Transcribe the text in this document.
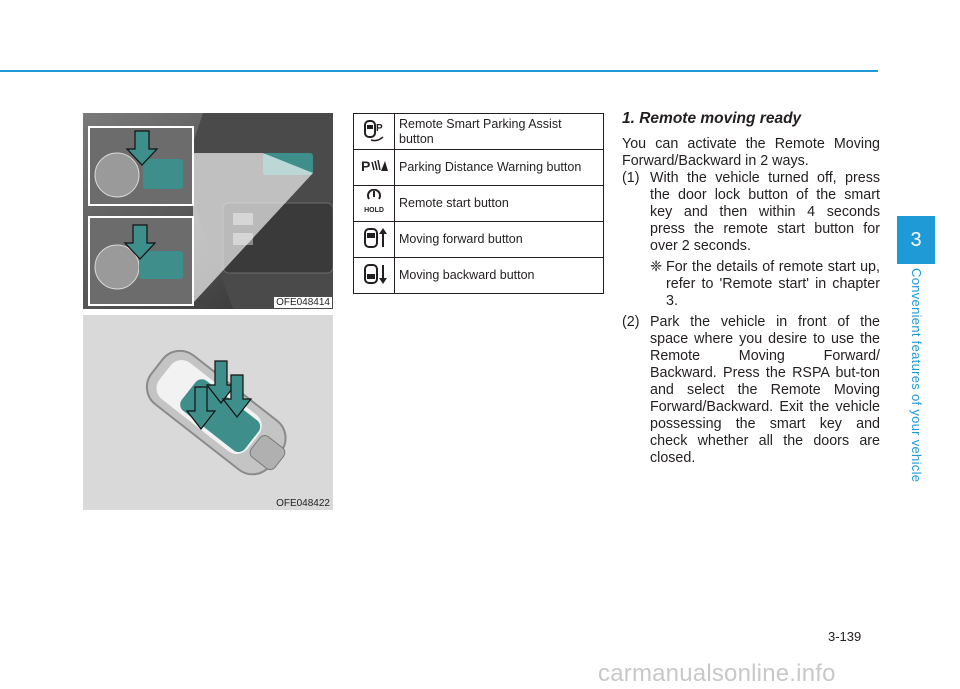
OFE048414
OFE048422
P	Remote Smart Parking Assist button

P	Parking Distance Warning button

HOLD	Remote start button
	Moving forward button
	Moving backward button
1. Remote moving ready
You can activate the Remote Moving Forward/Backward in 2 ways.
(1) With the vehicle turned off, press the door lock button of the smart key and then within 4 seconds press the remote start button for over 2 seconds.
❈ For the details of remote start up, refer to 'Remote start' in chapter 3.
(2) Park the vehicle in front of the space where you desire to use the Remote Moving Forward/ Backward. Press the RSPA but-ton and select the Remote Moving Forward/Backward. Exit the vehicle possessing the smart key and check whether all the doors are closed.
3
Convenient features of your vehicle
3-139
carmanualsonline.info
